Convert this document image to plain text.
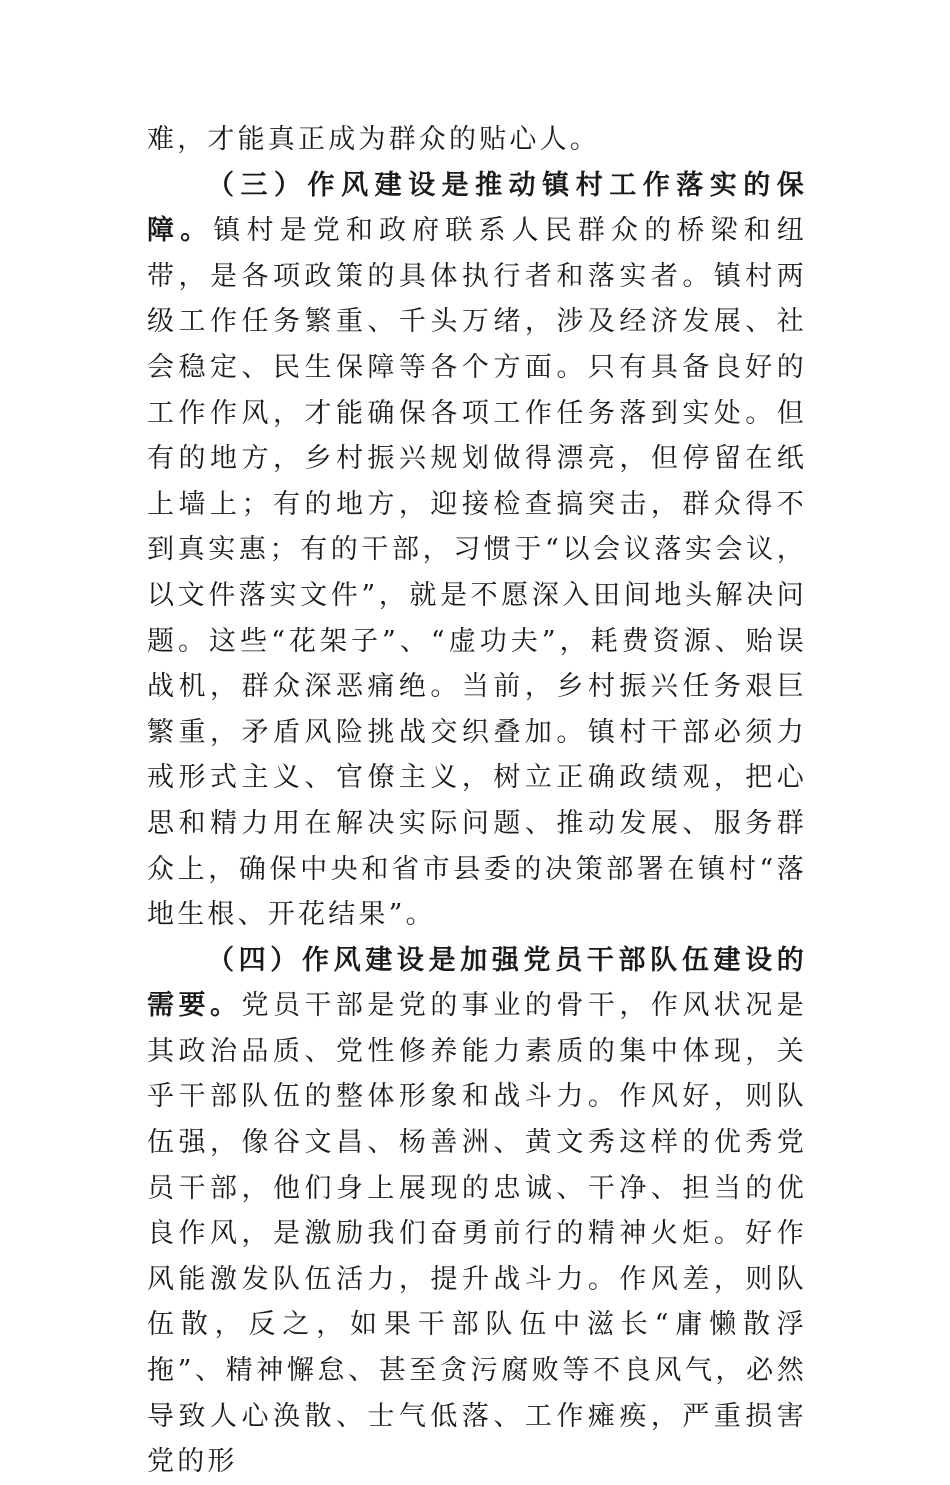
难，才能真正成为群众的贴心人。

（三）作风建设是推动镇村工作落实的保障。镇村是党和政府联系人民群众的桥梁和纽带，是各项政策的具体执行者和落实者。镇村两级工作任务繁重、千头万绪，涉及经济发展、社会稳定、民生保障等各个方面。只有具备良好的工作作风，才能确保各项工作任务落到实处。但有的地方，乡村振兴规划做得漂亮，但停留在纸上墙上；有的地方，迎接检查搞突击，群众得不到真实惠；有的干部，习惯于“以会议落实会议，以文件落实文件”，就是不愿深入田间地头解决问题。这些“花架子”、“虚功夫”，耗费资源、贻误战机，群众深恶痛绝。当前，乡村振兴任务艰巨繁重，矛盾风险挑战交织叠加。镇村干部必须力戒形式主义、官僚主义，树立正确政绩观，把心思和精力用在解决实际问题、推动发展、服务群众上，确保中央和省市县委的决策部署在镇村“落地生根、开花结果”。

（四）作风建设是加强党员干部队伍建设的需要。党员干部是党的事业的骨干，作风状况是其政治品质、党性修养能力素质的集中体现，关乎干部队伍的整体形象和战斗力。作风好，则队伍强，像谷文昌、杨善洲、黄文秀这样的优秀党员干部，他们身上展现的忠诚、干净、担当的优良作风，是激励我们奋勇前行的精神火炬。好作风能激发队伍活力，提升战斗力。作风差，则队伍散，反之，如果干部队伍中滋长“庸懒散浮拖”、精神懈怠、甚至贪污腐败等不良风气，必然导致人心涣散、士气低落、工作瘫痪，严重损害党的形
